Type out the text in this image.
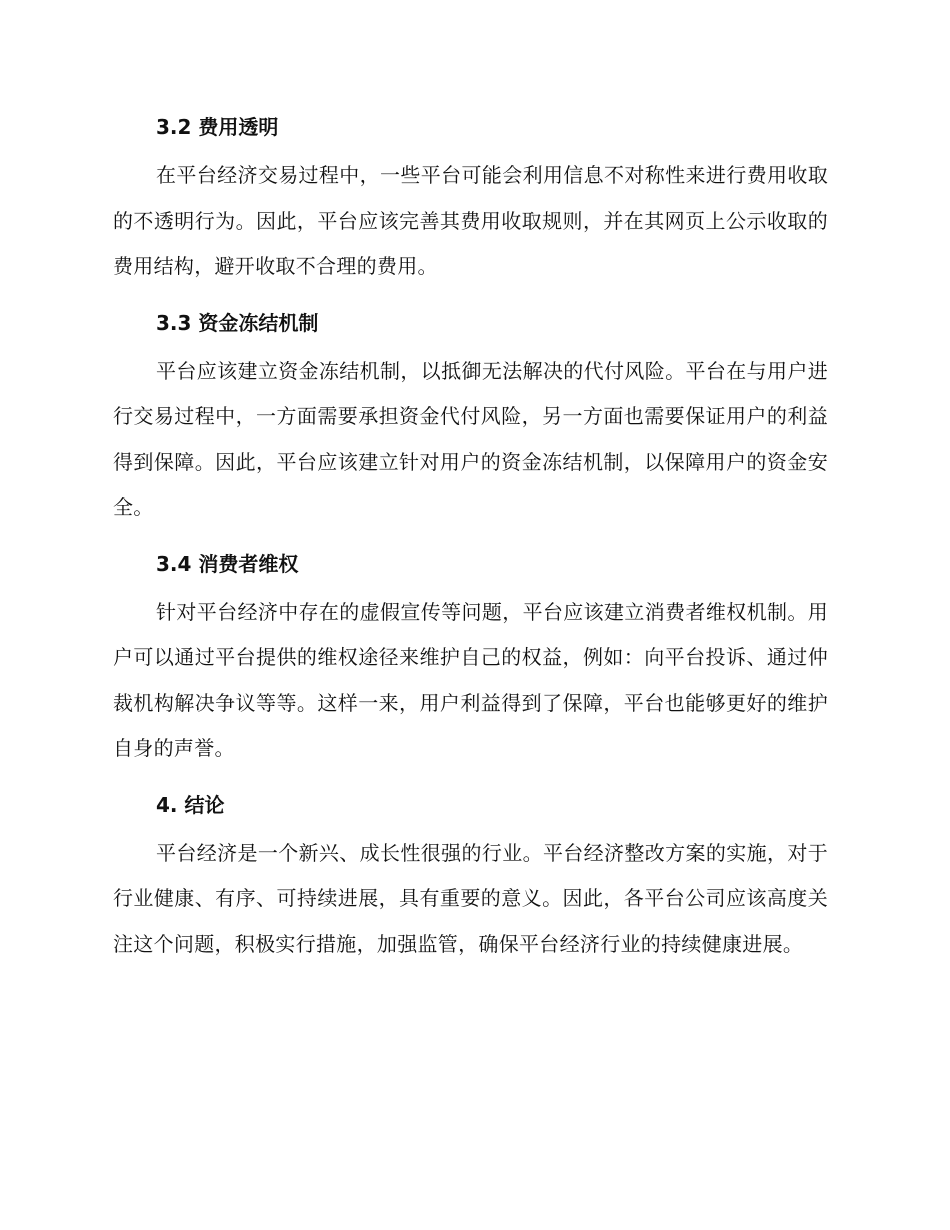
3.2 费用透明

在平台经济交易过程中，一些平台可能会利用信息不对称性来进行费用收取的不透明行为。因此，平台应该完善其费用收取规则，并在其网页上公示收取的费用结构，避开收取不合理的费用。

3.3 资金冻结机制

平台应该建立资金冻结机制，以抵御无法解决的代付风险。平台在与用户进行交易过程中，一方面需要承担资金代付风险，另一方面也需要保证用户的利益得到保障。因此，平台应该建立针对用户的资金冻结机制，以保障用户的资金安全。

3.4 消费者维权

针对平台经济中存在的虚假宣传等问题，平台应该建立消费者维权机制。用户可以通过平台提供的维权途径来维护自己的权益，例如：向平台投诉、通过仲裁机构解决争议等等。这样一来，用户利益得到了保障，平台也能够更好的维护自身的声誉。

4. 结论

平台经济是一个新兴、成长性很强的行业。平台经济整改方案的实施，对于行业健康、有序、可持续进展，具有重要的意义。因此，各平台公司应该高度关注这个问题，积极实行措施，加强监管，确保平台经济行业的持续健康进展。
